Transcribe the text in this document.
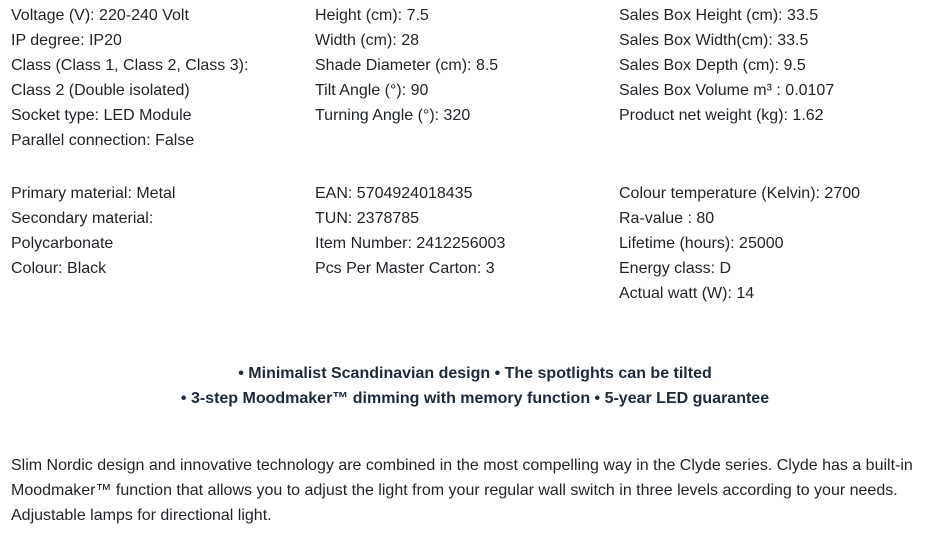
Voltage (V): 220-240 Volt
IP degree: IP20
Class (Class 1, Class 2, Class 3):
Class 2 (Double isolated)
Socket type: LED Module
Parallel connection: False
Primary material: Metal
Secondary material:
Polycarbonate
Colour: Black
Height (cm): 7.5
Width (cm): 28
Shade Diameter (cm): 8.5
Tilt Angle (°): 90
Turning Angle (°): 320
EAN: 5704924018435
TUN: 2378785
Item Number: 2412256003
Pcs Per Master Carton: 3
Sales Box Height (cm): 33.5
Sales Box Width(cm): 33.5
Sales Box Depth (cm): 9.5
Sales Box Volume m³ : 0.0107
Product net weight (kg): 1.62
Colour temperature (Kelvin): 2700
Ra-value : 80
Lifetime (hours): 25000
Energy class: D
Actual watt (W): 14
• Minimalist Scandinavian design • The spotlights can be tilted
• 3-step Moodmaker™ dimming with memory function • 5-year LED guarantee
Slim Nordic design and innovative technology are combined in the most compelling way in the Clyde series. Clyde has a built-in
Moodmaker™ function that allows you to adjust the light from your regular wall switch in three levels according to your needs.
Adjustable lamps for directional light.
